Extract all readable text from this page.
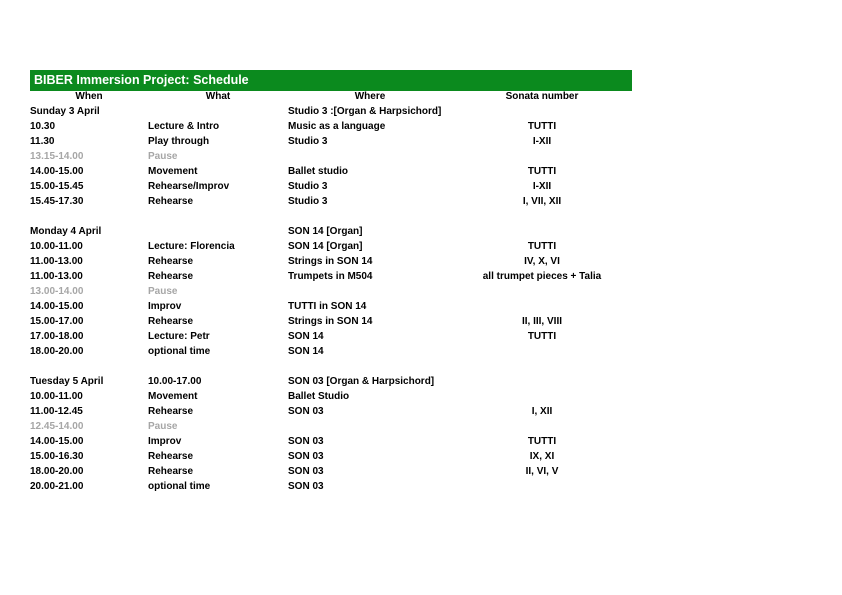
BIBER Immersion Project: Schedule
When	What	Where	Sonata number
Sunday 3 April		Studio 3 :[Organ & Harpsichord]	
10.30	Lecture & Intro	Music as a language	TUTTI
11.30	Play through	Studio 3	I-XII
13.15-14.00	Pause		
14.00-15.00	Movement	Ballet studio	TUTTI
15.00-15.45	Rehearse/Improv	Studio 3	I-XII
15.45-17.30	Rehearse	Studio 3	I, VII, XII

Monday 4 April		SON 14 [Organ]	
10.00-11.00	Lecture: Florencia	SON 14 [Organ]	TUTTI
11.00-13.00	Rehearse	Strings in SON 14	IV, X, VI
11.00-13.00	Rehearse	Trumpets in M504	all trumpet pieces + Talia
13.00-14.00	Pause		
14.00-15.00	Improv	TUTTI in SON 14	
15.00-17.00	Rehearse	Strings in SON 14	II, III, VIII
17.00-18.00	Lecture: Petr	SON 14	TUTTI
18.00-20.00	optional time	SON 14	

Tuesday 5 April	10.00-17.00	SON 03 [Organ & Harpsichord]	
10.00-11.00	Movement	Ballet Studio	
11.00-12.45	Rehearse	SON 03	I, XII
12.45-14.00	Pause		
14.00-15.00	Improv	SON 03	TUTTI
15.00-16.30	Rehearse	SON 03	IX, XI
18.00-20.00	Rehearse	SON 03	II, VI, V
20.00-21.00	optional time	SON 03	
